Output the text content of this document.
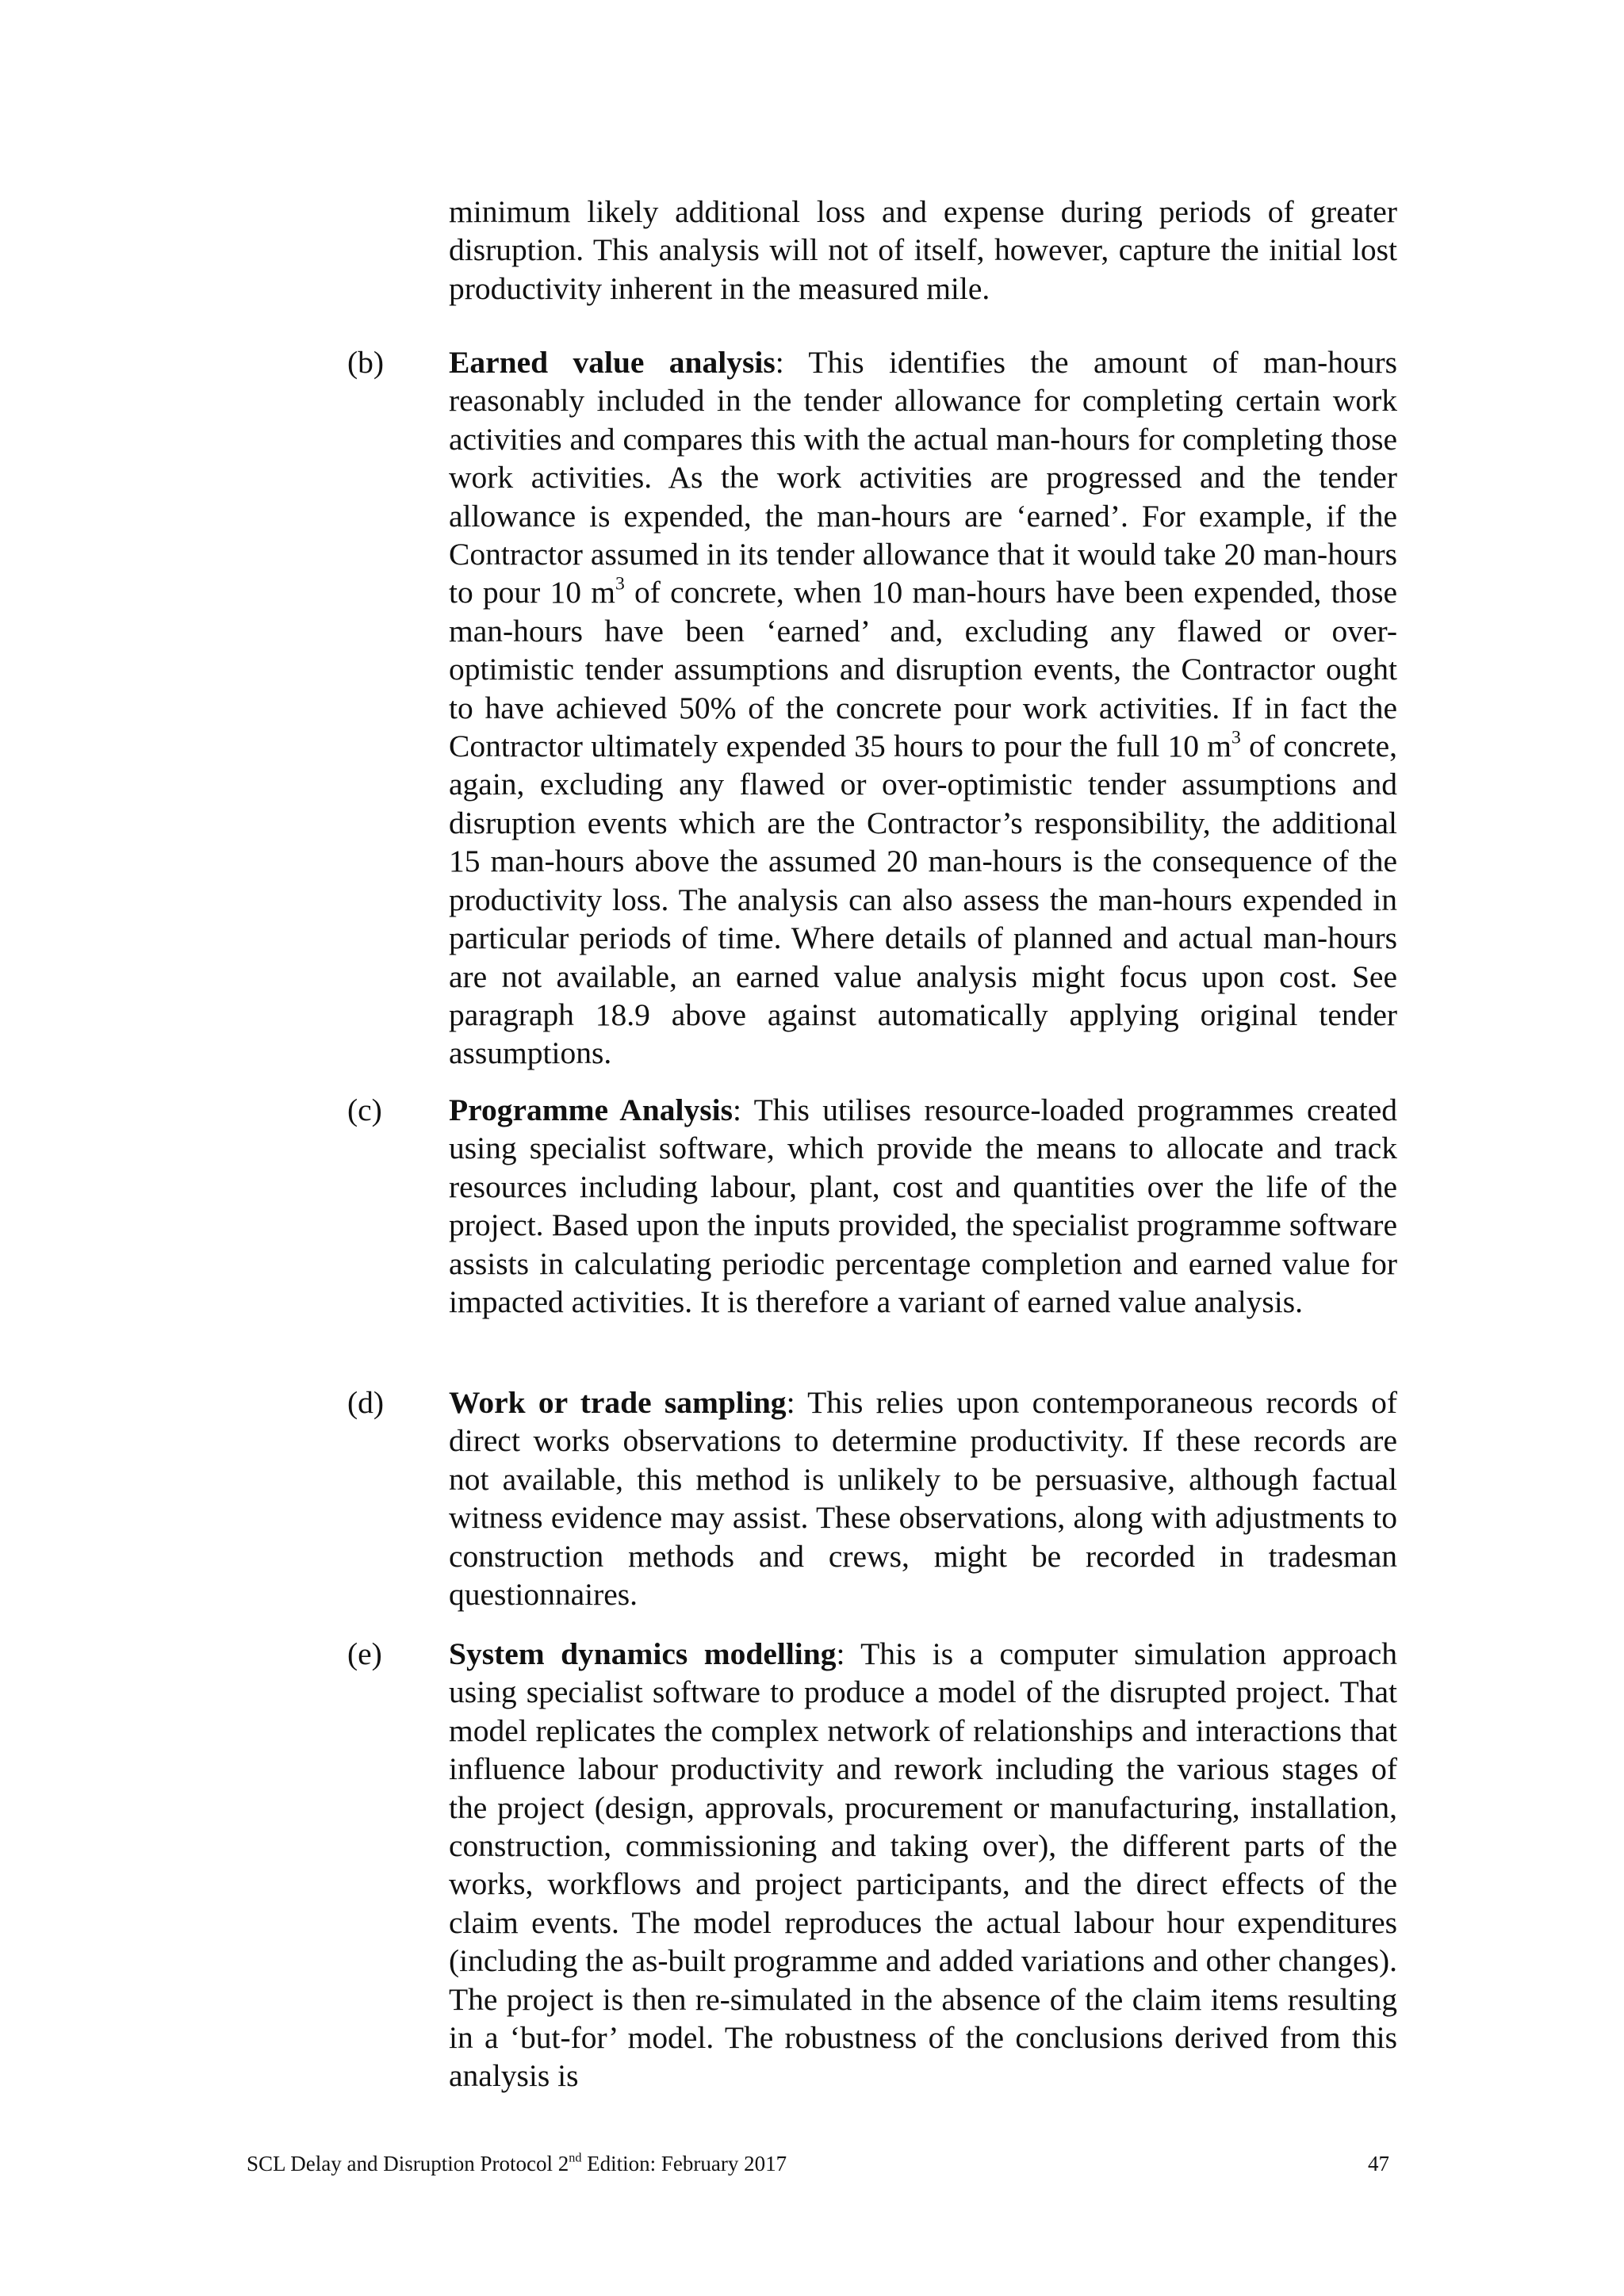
minimum likely additional loss and expense during periods of greater disruption. This analysis will not of itself, however, capture the initial lost productivity inherent in the measured mile.

(b) Earned value analysis: This identifies the amount of man-hours reasonably included in the tender allowance for completing certain work activities and compares this with the actual man-hours for completing those work activities. As the work activities are progressed and the tender allowance is expended, the man-hours are ‘earned’. For example, if the Contractor assumed in its tender allowance that it would take 20 man-hours to pour 10 $m^3$ of concrete, when 10 man-hours have been expended, those man-hours have been ‘earned’ and, excluding any flawed or over-optimistic tender assumptions and disruption events, the Contractor ought to have achieved 50% of the concrete pour work activities. If in fact the Contractor ultimately expended 35 hours to pour the full 10 $m^3$ of concrete, again, excluding any flawed or over-optimistic tender assumptions and disruption events which are the Contractor’s responsibility, the additional 15 man-hours above the assumed 20 man-hours is the consequence of the productivity loss. The analysis can also assess the man-hours expended in particular periods of time. Where details of planned and actual man-hours are not available, an earned value analysis might focus upon cost. See paragraph 18.9 above against automatically applying original tender assumptions.

(c) Programme Analysis: This utilises resource-loaded programmes created using specialist software, which provide the means to allocate and track resources including labour, plant, cost and quantities over the life of the project. Based upon the inputs provided, the specialist programme software assists in calculating periodic percentage completion and earned value for impacted activities. It is therefore a variant of earned value analysis.

(d) Work or trade sampling: This relies upon contemporaneous records of direct works observations to determine productivity. If these records are not available, this method is unlikely to be persuasive, although factual witness evidence may assist. These observations, along with adjustments to construction methods and crews, might be recorded in tradesman questionnaires.

(e) System dynamics modelling: This is a computer simulation approach using specialist software to produce a model of the disrupted project. That model replicates the complex network of relationships and interactions that influence labour productivity and rework including the various stages of the project (design, approvals, procurement or manufacturing, installation, construction, commissioning and taking over), the different parts of the works, workflows and project participants, and the direct effects of the claim events. The model reproduces the actual labour hour expenditures (including the as-built programme and added variations and other changes). The project is then re-simulated in the absence of the claim items resulting in a ‘but-for’ model. The robustness of the conclusions derived from this analysis is

SCL Delay and Disruption Protocol 2nd Edition: February 2017	47
